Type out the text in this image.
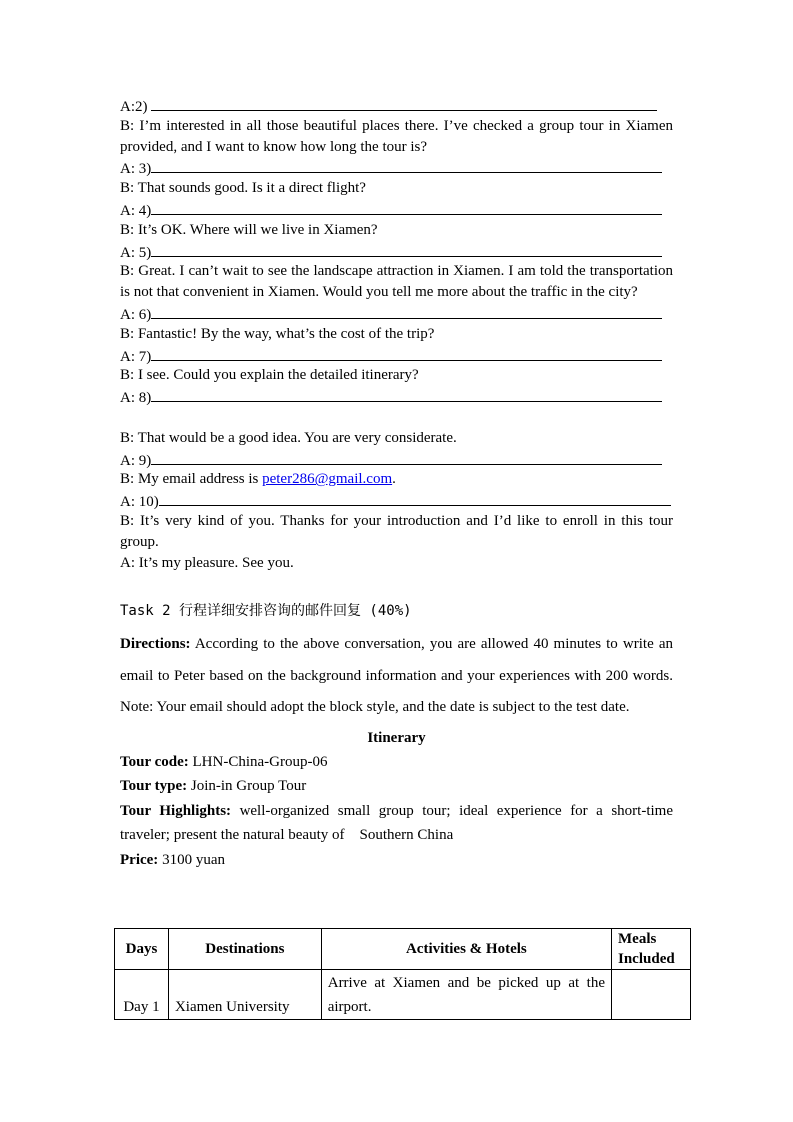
A:2)
B: I’m interested in all those beautiful places there. I’ve checked a group tour in Xiamen provided, and I want to know how long the tour is?
A: 3)
B: That sounds good. Is it a direct flight?
A: 4)
B: It’s OK. Where will we live in Xiamen?
A: 5)
B: Great. I can’t wait to see the landscape attraction in Xiamen. I am told the transportation is not that convenient in Xiamen. Would you tell me more about the traffic in the city?
A: 6)
B: Fantastic! By the way, what’s the cost of the trip?
A: 7)
B: I see. Could you explain the detailed itinerary?
A: 8)
B: That would be a good idea. You are very considerate.
A: 9)
B: My email address is peter286@gmail.com.
A: 10)
B: It’s very kind of you. Thanks for your introduction and I’d like to enroll in this tour group.
A: It’s my pleasure. See you.
Task 2 行程详细安排咨询的邮件回复 (40%)
Directions: According to the above conversation, you are allowed 40 minutes to write an email to Peter based on the background information and your experiences with 200 words. Note: Your email should adopt the block style, and the date is subject to the test date.
Itinerary
Tour code: LHN-China-Group-06
Tour type: Join-in Group Tour
Tour Highlights: well-organized small group tour; ideal experience for a short-time traveler; present the natural beauty of    Southern China
Price: 3100 yuan
Days	Destinations	Activities & Hotels	Meals Included
Day 1	Xiamen University	Arrive at Xiamen and be picked up at the airport.	
